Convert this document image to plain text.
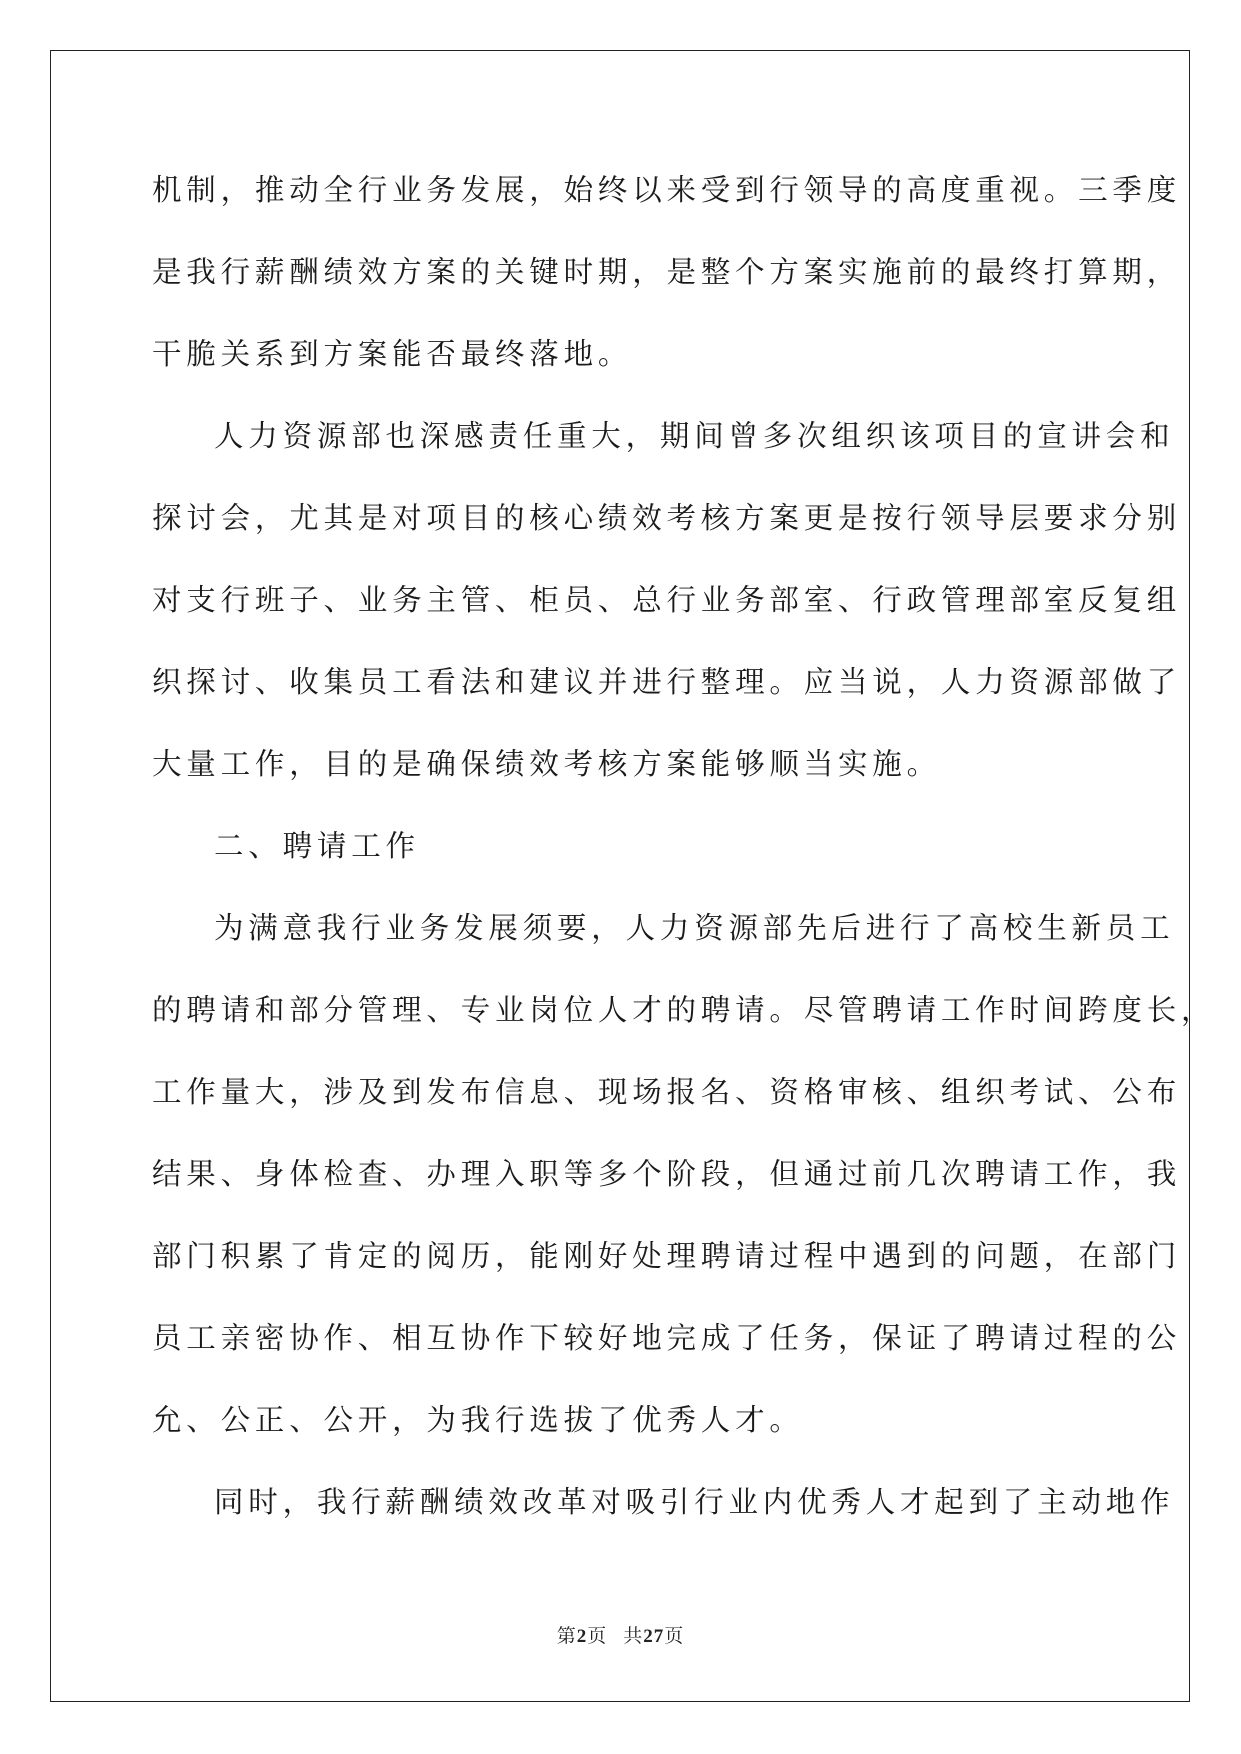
机制，推动全行业务发展，始终以来受到行领导的高度重视。三季度
是我行薪酬绩效方案的关键时期，是整个方案实施前的最终打算期，
干脆关系到方案能否最终落地。
人力资源部也深感责任重大，期间曾多次组织该项目的宣讲会和
探讨会，尤其是对项目的核心绩效考核方案更是按行领导层要求分别
对支行班子、业务主管、柜员、总行业务部室、行政管理部室反复组
织探讨、收集员工看法和建议并进行整理。应当说，人力资源部做了
大量工作，目的是确保绩效考核方案能够顺当实施。
二、聘请工作
为满意我行业务发展须要，人力资源部先后进行了高校生新员工
的聘请和部分管理、专业岗位人才的聘请。尽管聘请工作时间跨度长，
工作量大，涉及到发布信息、现场报名、资格审核、组织考试、公布
结果、身体检查、办理入职等多个阶段，但通过前几次聘请工作，我
部门积累了肯定的阅历，能刚好处理聘请过程中遇到的问题，在部门
员工亲密协作、相互协作下较好地完成了任务，保证了聘请过程的公
允、公正、公开，为我行选拔了优秀人才。
同时，我行薪酬绩效改革对吸引行业内优秀人才起到了主动地作
第2页 共27页
